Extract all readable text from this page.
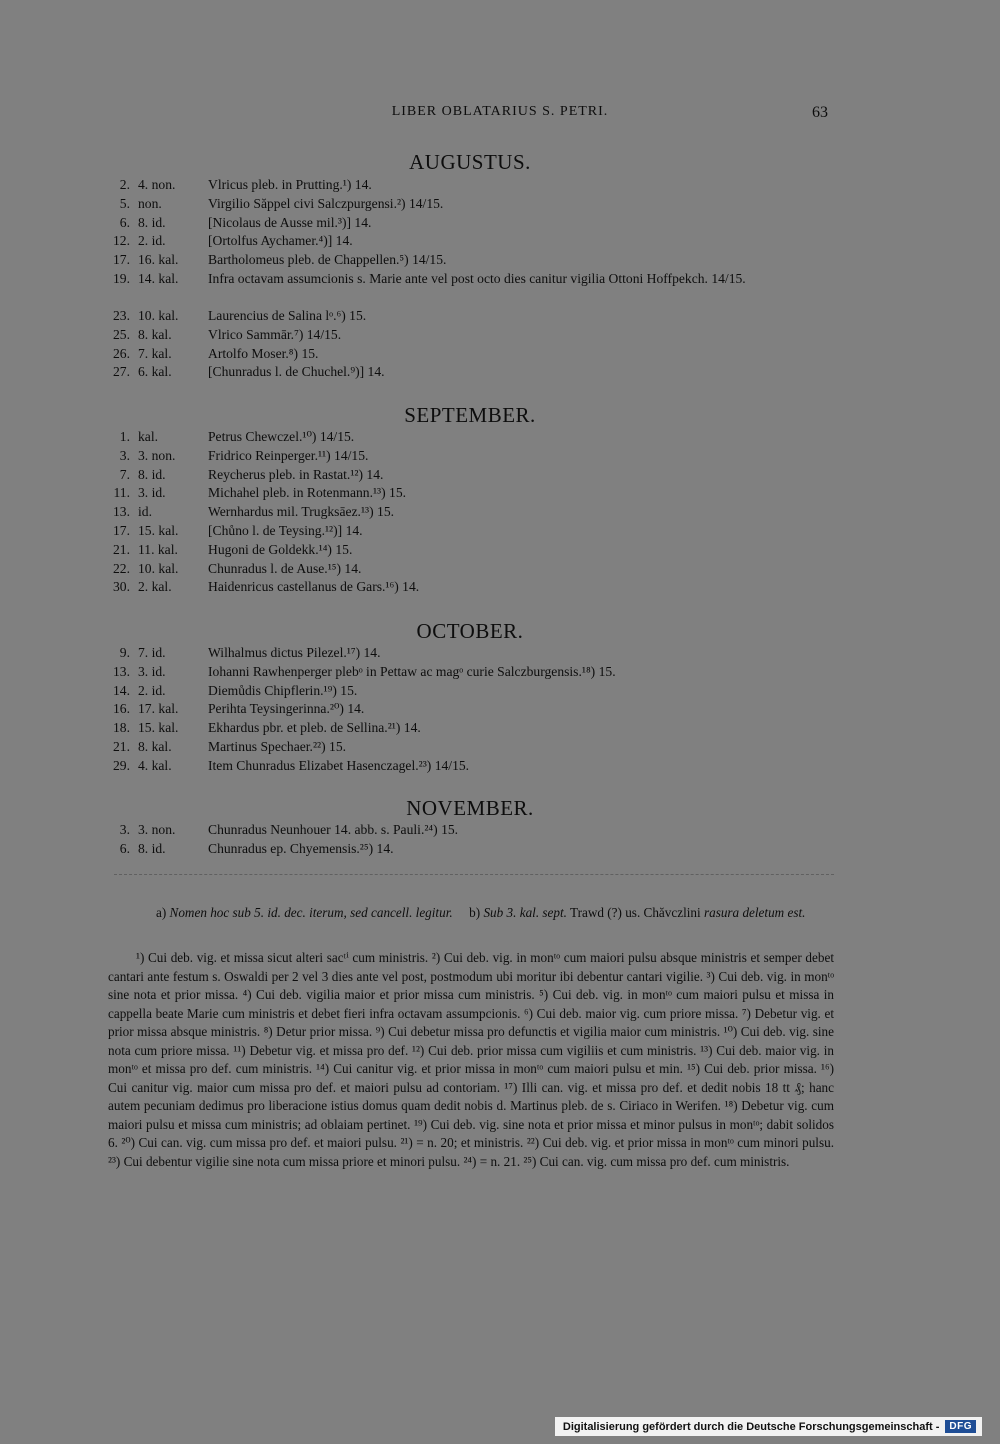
LIBER OBLATARIUS S. PETRI.	63
AUGUSTUS.
2. 4. non.	Vlricus pleb. in Prutting.¹) 14.
5. non.	Virgilio Săppel civi Salczpurgensi.²) 14/15.
6. 8. id.	[Nicolaus de Ausse mil.³)] 14.
12. 2. id.	[Ortolfus Aychamer.⁴)] 14.
17. 16. kal.	Bartholomeus pleb. de Chappellen.⁵) 14/15.
19. 14. kal.	Infra octavam assumcionis s. Marie ante vel post octo dies canitur vigilia Ottoni Hoffpekch. 14/15.
23. 10. kal.	Laurencius de Salina lᵒ.⁶) 15.
25. 8. kal.	Vlrico Sammār.⁷) 14/15.
26. 7. kal.	Artolfo Moser.⁸) 15.
27. 6. kal.	[Chunradus l. de Chuchel.⁹)] 14.
SEPTEMBER.
1. kal.	Petrus Chewczel.¹⁰) 14/15.
3. 3. non.	Fridrico Reinperger.¹¹) 14/15.
7. 8. id.	Reycherus pleb. in Rastat.¹²) 14.
11. 3. id.	Michahel pleb. in Rotenmann.¹³) 15.
13. id.	Wernhardus mil. Trugksāez.¹³) 15.
17. 15. kal.	[Chůno l. de Teysing.¹²)] 14.
21. 11. kal.	Hugoni de Goldekk.¹⁴) 15.
22. 10. kal.	Chunradus l. de Ause.¹⁵) 14.
30. 2. kal.	Haidenricus castellanus de Gars.¹⁶) 14.
OCTOBER.
9. 7. id.	Wilhalmus dictus Pilezel.¹⁷) 14.
13. 3. id.	Iohanni Rawhenperger plebᵒ in Pettaw ac magᵒ curie Salczburgensis.¹⁸) 15.
14. 2. id.	Diemůdis Chipflerin.¹⁹) 15.
16. 17. kal.	Perihta Teysingerinna.²⁰) 14.
18. 15. kal.	Ekhardus pbr. et pleb. de Sellina.²¹) 14.
21. 8. kal.	Martinus Spechaer.²²) 15.
29. 4. kal.	Item Chunradus Elizabet Hasenczagel.²³) 14/15.
NOVEMBER.
3. 3. non.	Chunradus Neunhouer 14. abb. s. Pauli.²⁴) 15.
6. 8. id.	Chunradus ep. Chyemensis.²⁵) 14.
a) Nomen hoc sub 5. id. dec. iterum, sed cancell. legitur. b) Sub 3. kal. sept. Trawd (?) us. Chăvczlini rasura deletum est.

¹) Cui deb. vig. et missa sicut alteri sacᵗⁱ cum ministris. ²) Cui deb. vig. in monᵗᵒ cum maiori pulsu absque ministris et semper debet cantari ante festum s. Oswaldi per 2 vel 3 dies ante vel post, postmodum ubi moritur ibi debentur cantari vigilie. ³) Cui deb. vig. in monᵗᵒ sine nota et prior missa. ⁴) Cui deb. vigilia maior et prior missa cum ministris. ⁵) Cui deb. vig. in monᵗᵒ cum maiori pulsu et missa in cappella beate Marie cum ministris et debet fieri infra octavam assumpcionis. ⁶) Cui deb. maior vig. cum priore missa. ⁷) Debetur vig. et prior missa absque ministris. ⁸) Detur prior missa. ⁹) Cui debetur missa pro defunctis et vigilia maior cum ministris. ¹⁰) Cui deb. vig. sine nota cum priore missa. ¹¹) Debetur vig. et missa pro def. ¹²) Cui deb. prior missa cum vigiliis et cum ministris. ¹³) Cui deb. maior vig. in monᵗᵒ et missa pro def. cum ministris. ¹⁴) Cui canitur vig. et prior missa in monᵗᵒ cum maiori pulsu et min. ¹⁵) Cui deb. prior missa. ¹⁶) Cui canitur vig. maior cum missa pro def. et maiori pulsu ad contoriam. ¹⁷) Illi can. vig. et missa pro def. et dedit nobis 18 tt ₰; hanc autem pecuniam dedimus pro liberacione istius domus quam dedit nobis d. Martinus pleb. de s. Ciriaco in Werifen. ¹⁸) Debetur vig. cum maiori pulsu et missa cum ministris; ad oblaiam pertinet. ¹⁹) Cui deb. vig. sine nota et prior missa et minor pulsus in monᵗᵒ; dabit solidos 6. ²⁰) Cui can. vig. cum missa pro def. et maiori pulsu. ²¹) = n. 20; et ministris. ²²) Cui deb. vig. et prior missa in monᵗᵒ cum minori pulsu. ²³) Cui debentur vigilie sine nota cum missa priore et minori pulsu. ²⁴) = n. 21. ²⁵) Cui can. vig. cum missa pro def. cum ministris.

Digitalisierung gefördert durch die Deutsche Forschungsgemeinschaft -	DFG
